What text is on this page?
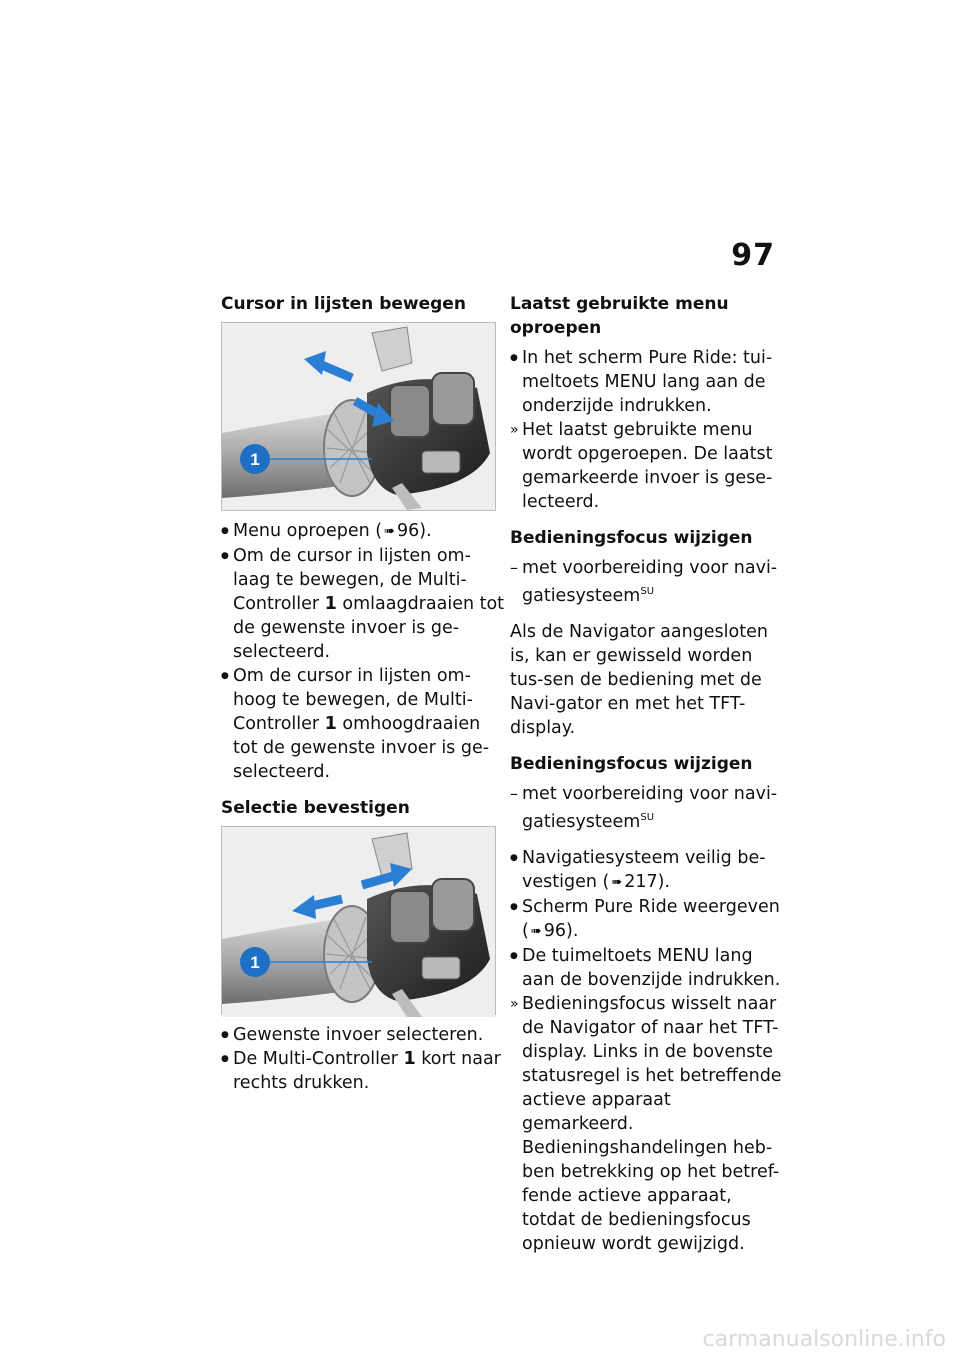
97
Cursor in lijsten bewegen
1
●
Menu oproepen ( ➠ 96).
●
Om de cursor in lijsten om-laag te bewegen, de Multi-Controller 1 omlaagdraaien tot de gewenste invoer is ge-selecteerd.
●
Om de cursor in lijsten om-hoog te bewegen, de Multi-Controller 1 omhoogdraaien tot de gewenste invoer is ge-selecteerd.
Selectie bevestigen
1
●
Gewenste invoer selecteren.
●
De Multi-Controller 1 kort naar rechts drukken.
Laatst gebruikte menu oproepen
●
In het scherm Pure Ride: tui-meltoets MENU lang aan de onderzijde indrukken.
»
Het laatst gebruikte menu wordt opgeroepen. De laatst gemarkeerde invoer is gese-lecteerd.
Bedieningsfocus wijzigen
–
met voorbereiding voor navi-gatiesysteem$^{SU}$

Als de Navigator aangesloten is, kan er gewisseld worden tus-sen de bediening met de Navi-gator en met het TFT-display.

Bedieningsfocus wijzigen
–
met voorbereiding voor navi-gatiesysteem$^{SU}$
●
Navigatiesysteem veilig be-vestigen ( ➠ 217).
●
Scherm Pure Ride weergeven ( ➠ 96).
●
De tuimeltoets MENU lang aan de bovenzijde indrukken.
»
Bedieningsfocus wisselt naar de Navigator of naar het TFT-display. Links in de bovenste statusregel is het betreffende actieve apparaat gemarkeerd. Bedieningshandelingen heb-ben betrekking op het betref-fende actieve apparaat, totdat de bedieningsfocus opnieuw wordt gewijzigd.
carmanualsonline.info
